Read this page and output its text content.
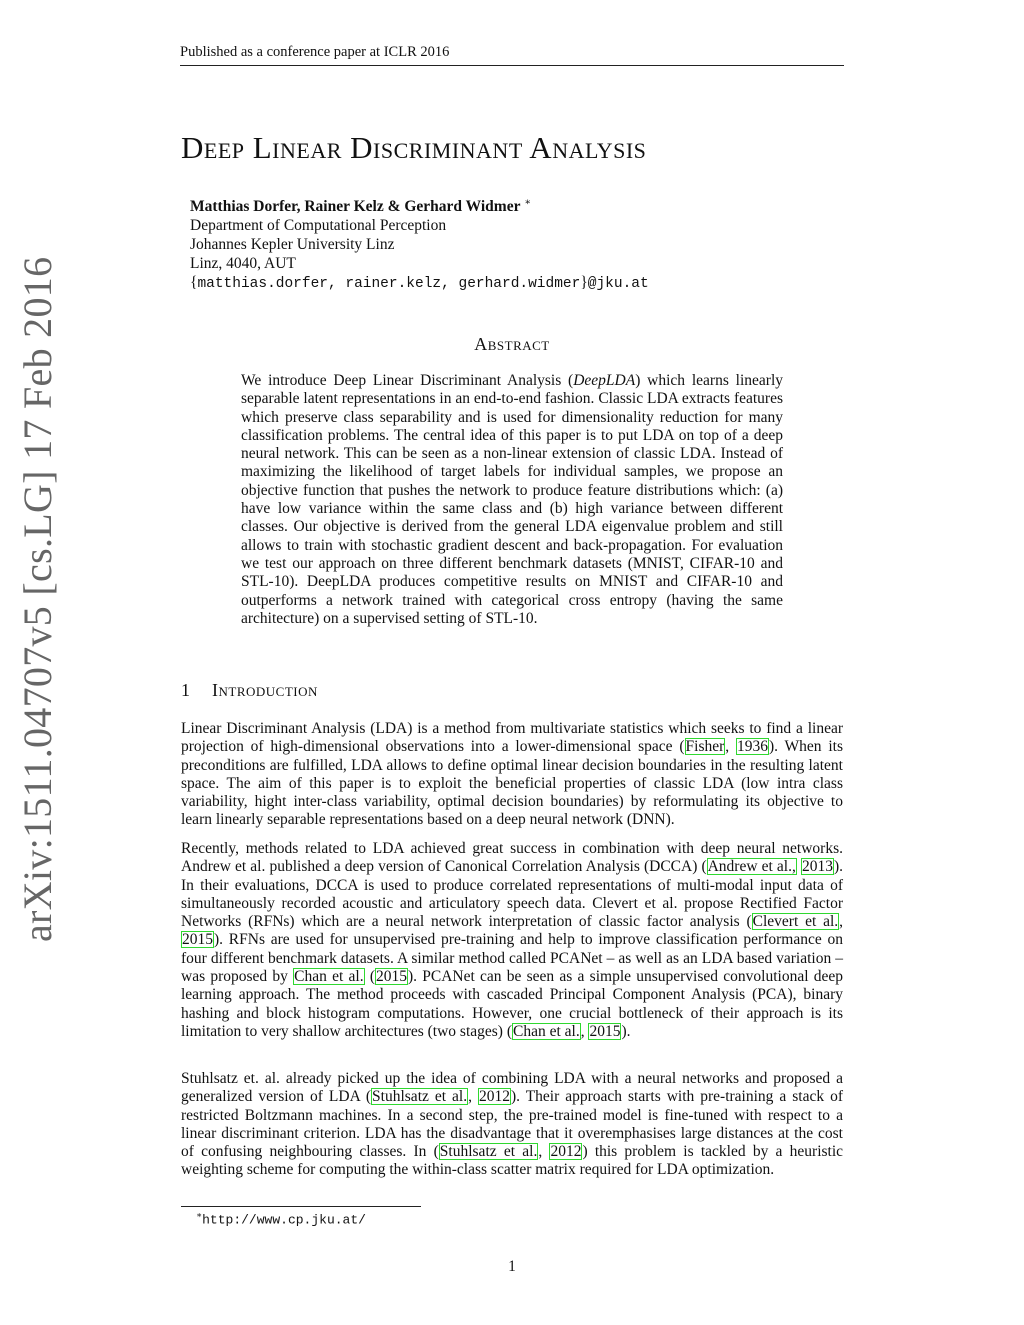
Published as a conference paper at ICLR 2016
arXiv:1511.04707v5 [cs.LG] 17 Feb 2016
Deep Linear Discriminant Analysis
Matthias Dorfer, Rainer Kelz & Gerhard Widmer ∗
Department of Computational Perception
Johannes Kepler University Linz
Linz, 4040, AUT
{matthias.dorfer, rainer.kelz, gerhard.widmer}@jku.at
Abstract
We introduce Deep Linear Discriminant Analysis (DeepLDA) which learns linearly separable latent representations in an end-to-end fashion. Classic LDA extracts features which preserve class separability and is used for dimensionality reduction for many classification problems. The central idea of this paper is to put LDA on top of a deep neural network. This can be seen as a non-linear extension of classic LDA. Instead of maximizing the likelihood of target labels for individual samples, we propose an objective function that pushes the network to produce feature distributions which: (a) have low variance within the same class and (b) high variance between different classes. Our objective is derived from the general LDA eigenvalue problem and still allows to train with stochastic gradient descent and back-propagation. For evaluation we test our approach on three different benchmark datasets (MNIST, CIFAR-10 and STL-10). DeepLDA produces competitive results on MNIST and CIFAR-10 and outperforms a network trained with categorical cross entropy (having the same architecture) on a supervised setting of STL-10.
1 Introduction
Linear Discriminant Analysis (LDA) is a method from multivariate statistics which seeks to find a linear projection of high-dimensional observations into a lower-dimensional space (Fisher, 1936). When its preconditions are fulfilled, LDA allows to define optimal linear decision boundaries in the resulting latent space. The aim of this paper is to exploit the beneficial properties of classic LDA (low intra class variability, hight inter-class variability, optimal decision boundaries) by reformulating its objective to learn linearly separable representations based on a deep neural network (DNN).
Recently, methods related to LDA achieved great success in combination with deep neural networks. Andrew et al. published a deep version of Canonical Correlation Analysis (DCCA) (Andrew et al., 2013). In their evaluations, DCCA is used to produce correlated representations of multi-modal input data of simultaneously recorded acoustic and articulatory speech data. Clevert et al. propose Rectified Factor Networks (RFNs) which are a neural network interpretation of classic factor analysis (Clevert et al., 2015). RFNs are used for unsupervised pre-training and help to improve classification performance on four different benchmark datasets. A similar method called PCANet – as well as an LDA based variation – was proposed by Chan et al. (2015). PCANet can be seen as a simple unsupervised convolutional deep learning approach. The method proceeds with cascaded Principal Component Analysis (PCA), binary hashing and block histogram computations. However, one crucial bottleneck of their approach is its limitation to very shallow architectures (two stages) (Chan et al., 2015).
Stuhlsatz et. al. already picked up the idea of combining LDA with a neural networks and proposed a generalized version of LDA (Stuhlsatz et al., 2012). Their approach starts with pre-training a stack of restricted Boltzmann machines. In a second step, the pre-trained model is fine-tuned with respect to a linear discriminant criterion. LDA has the disadvantage that it overemphasises large distances at the cost of confusing neighbouring classes. In (Stuhlsatz et al., 2012) this problem is tackled by a heuristic weighting scheme for computing the within-class scatter matrix required for LDA optimization.
∗http://www.cp.jku.at/
1
